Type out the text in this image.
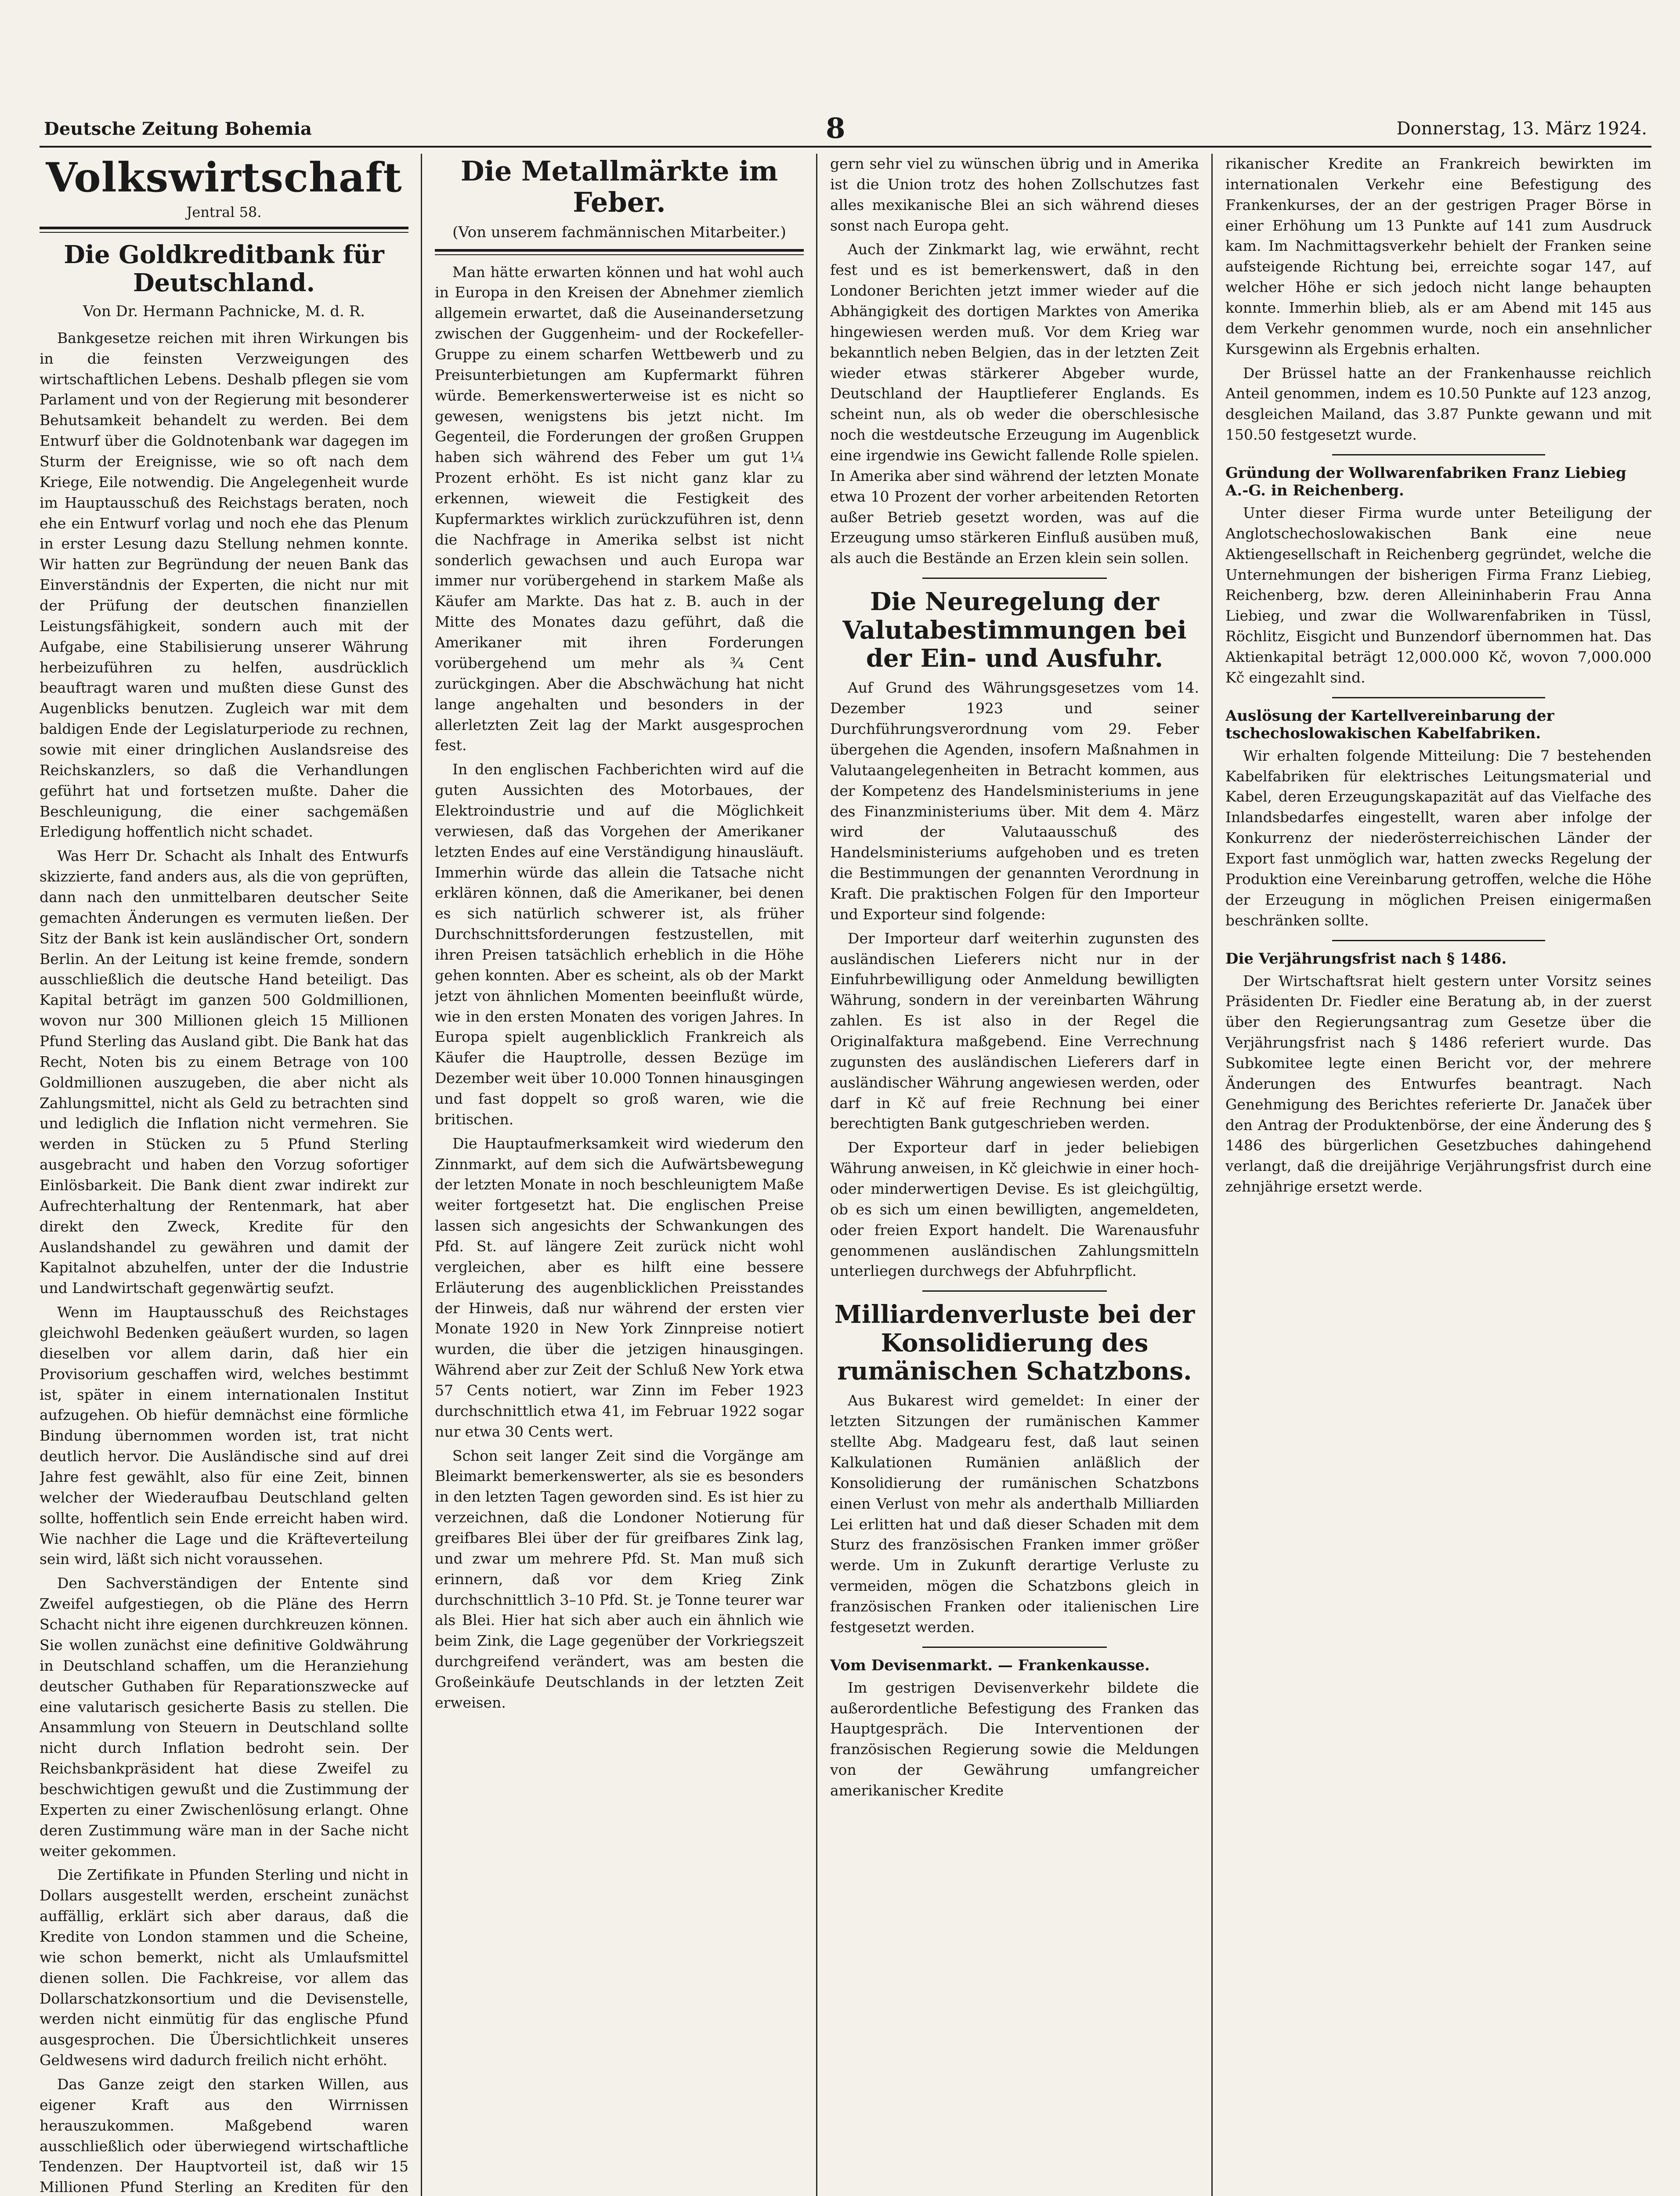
Deutsche Zeitung Bohemia	8	Donnerstag, 13. März 1924.
Volkswirtschaft
Jentral 58.
Die Goldkreditbank für Deutschland.
Von Dr. Hermann Pachnicke, M. d. R.

Bankgesetze reichen mit ihren Wirkungen bis in die feinsten Verzweigungen des wirtschaftlichen Lebens. Deshalb pflegen sie vom Parlament und von der Regierung mit besonderer Behutsamkeit behandelt zu werden. Bei dem Entwurf über die Goldnotenbank war dagegen im Sturm der Ereignisse, wie so oft nach dem Kriege, Eile notwendig. Die Angelegenheit wurde im Hauptausschuß des Reichstags beraten, noch ehe ein Entwurf vorlag und noch ehe das Plenum in erster Lesung dazu Stellung nehmen konnte. Wir hatten zur Begründung der neuen Bank das Einverständnis der Experten, die nicht nur mit der Prüfung der deutschen finanziellen Leistungsfähigkeit, sondern auch mit der Aufgabe, eine Stabilisierung unserer Währung herbeizuführen zu helfen, ausdrücklich beauftragt waren und mußten diese Gunst des Augenblicks benutzen. Zugleich war mit dem baldigen Ende der Legislaturperiode zu rechnen, sowie mit einer dringlichen Auslandsreise des Reichskanzlers, so daß die Verhandlungen geführt hat und fortsetzen mußte. Daher die Beschleunigung, die einer sachgemäßen Erledigung hoffentlich nicht schadet.

Was Herr Dr. Schacht als Inhalt des Entwurfs skizzierte, fand anders aus, als die von geprüften, dann nach den unmittelbaren deutscher Seite gemachten Änderungen es vermuten ließen. Der Sitz der Bank ist kein ausländischer Ort, sondern Berlin. An der Leitung ist keine fremde, sondern ausschließlich die deutsche Hand beteiligt. Das Kapital beträgt im ganzen 500 Goldmillionen, wovon nur 300 Millionen gleich 15 Millionen Pfund Sterling das Ausland gibt. Die Bank hat das Recht, Noten bis zu einem Betrage von 100 Goldmillionen auszugeben, die aber nicht als Zahlungsmittel, nicht als Geld zu betrachten sind und lediglich die Inflation nicht vermehren. Sie werden in Stücken zu 5 Pfund Sterling ausgebracht und haben den Vorzug sofortiger Einlösbarkeit. Die Bank dient zwar indirekt zur Aufrechterhaltung der Rentenmark, hat aber direkt den Zweck, Kredite für den Auslandshandel zu gewähren und damit der Kapitalnot abzuhelfen, unter der die Industrie und Landwirtschaft gegenwärtig seufzt.

Wenn im Hauptausschuß des Reichstages gleichwohl Bedenken geäußert wurden, so lagen dieselben vor allem darin, daß hier ein Provisorium geschaffen wird, welches bestimmt ist, später in einem internationalen Institut aufzugehen. Ob hiefür demnächst eine förmliche Bindung übernommen worden ist, trat nicht deutlich hervor. Die Ausländische sind auf drei Jahre fest gewählt, also für eine Zeit, binnen welcher der Wiederaufbau Deutschland gelten sollte, hoffentlich sein Ende erreicht haben wird. Wie nachher die Lage und die Kräfteverteilung sein wird, läßt sich nicht voraussehen.

Den Sachverständigen der Entente sind Zweifel aufgestiegen, ob die Pläne des Herrn Schacht nicht ihre eigenen durchkreuzen können. Sie wollen zunächst eine definitive Goldwährung in Deutschland schaffen, um die Heranziehung deutscher Guthaben für Reparationszwecke auf eine valutarisch gesicherte Basis zu stellen. Die Ansammlung von Steuern in Deutschland sollte nicht durch Inflation bedroht sein. Der Reichsbankpräsident hat diese Zweifel zu beschwichtigen gewußt und die Zustimmung der Experten zu einer Zwischenlösung erlangt. Ohne deren Zustimmung wäre man in der Sache nicht weiter gekommen.

Die Zertifikate in Pfunden Sterling und nicht in Dollars ausgestellt werden, erscheint zunächst auffällig, erklärt sich aber daraus, daß die Kredite von London stammen und die Scheine, wie schon bemerkt, nicht als Umlaufsmittel dienen sollen. Die Fachkreise, vor allem das Dollarschatzkonsortium und die Devisenstelle, werden nicht einmütig für das englische Pfund ausgesprochen. Die Übersichtlichkeit unseres Geldwesens wird dadurch freilich nicht erhöht.

Das Ganze zeigt den starken Willen, aus eigener Kraft aus den Wirrnissen herauszukommen. Maßgebend waren ausschließlich oder überwiegend wirtschaftliche Tendenzen. Der Hauptvorteil ist, daß wir 15 Millionen Pfund Sterling an Krediten für den

Die Metallmärkte im Feber.
(Von unserem fachmännischen Mitarbeiter.)

Man hätte erwarten können und hat wohl auch in Europa in den Kreisen der Abnehmer ziemlich allgemein erwartet, daß die Auseinandersetzung zwischen der Guggenheim- und der Rockefeller-Gruppe zu einem scharfen Wettbewerb und zu Preisunterbietungen am Kupfermarkt führen würde. Bemerkenswerterweise ist es nicht so gewesen, wenigstens bis jetzt nicht. Im Gegenteil, die Forderungen der großen Gruppen haben sich während des Feber um gut 1¼ Prozent erhöht. Es ist nicht ganz klar zu erkennen, wieweit die Festigkeit des Kupfermarktes wirklich zurückzuführen ist, denn die Nachfrage in Amerika selbst ist nicht sonderlich gewachsen und auch Europa war immer nur vorübergehend in starkem Maße als Käufer am Markte. Das hat z. B. auch in der Mitte des Monates dazu geführt, daß die Amerikaner mit ihren Forderungen vorübergehend um mehr als ¾ Cent zurückgingen. Aber die Abschwächung hat nicht lange angehalten und besonders in der allerletzten Zeit lag der Markt ausgesprochen fest.

In den englischen Fachberichten wird auf die guten Aussichten des Motorbaues, der Elektroindustrie und auf die Möglichkeit verwiesen, daß das Vorgehen der Amerikaner letzten Endes auf eine Verständigung hinausläuft. Immerhin würde das allein die Tatsache nicht erklären können, daß die Amerikaner, bei denen es sich natürlich schwerer ist, als früher Durchschnittsforderungen festzustellen, mit ihren Preisen tatsächlich erheblich in die Höhe gehen konnten. Aber es scheint, als ob der Markt jetzt von ähnlichen Momenten beeinflußt würde, wie in den ersten Monaten des vorigen Jahres. In Europa spielt augenblicklich Frankreich als Käufer die Hauptrolle, dessen Bezüge im Dezember weit über 10.000 Tonnen hinausgingen und fast doppelt so groß waren, wie die britischen.

Die Hauptaufmerksamkeit wird wiederum den Zinnmarkt, auf dem sich die Aufwärtsbewegung der letzten Monate in noch beschleunigtem Maße weiter fortgesetzt hat. Die englischen Preise lassen sich angesichts der Schwankungen des Pfd. St. auf längere Zeit zurück nicht wohl vergleichen, aber es hilft eine bessere Erläuterung des augenblicklichen Preisstandes der Hinweis, daß nur während der ersten vier Monate 1920 in New York Zinnpreise notiert wurden, die über die jetzigen hinausgingen. Während aber zur Zeit der Schluß New York etwa 57 Cents notiert, war Zinn im Feber 1923 durchschnittlich etwa 41, im Februar 1922 sogar nur etwa 30 Cents wert.

Schon seit langer Zeit sind die Vorgänge am Bleimarkt bemerkenswerter, als sie es besonders in den letzten Tagen geworden sind. Es ist hier zu verzeichnen, daß die Londoner Notierung für greifbares Blei über der für greifbares Zink lag, und zwar um mehrere Pfd. St. Man muß sich erinnern, daß vor dem Krieg Zink durchschnittlich 3–10 Pfd. St. je Tonne teurer war als Blei. Hier hat sich aber auch ein ähnlich wie beim Zink, die Lage gegenüber der Vorkriegszeit durchgreifend verändert, was am besten die Großeinkäufe Deutschlands in der letzten Zeit erweisen.

gern sehr viel zu wünschen übrig und in Amerika ist die Union trotz des hohen Zollschutzes fast alles mexikanische Blei an sich während dieses sonst nach Europa geht.

Auch der Zinkmarkt lag, wie erwähnt, recht fest und es ist bemerkenswert, daß in den Londoner Berichten jetzt immer wieder auf die Abhängigkeit des dortigen Marktes von Amerika hingewiesen werden muß. Vor dem Krieg war bekanntlich neben Belgien, das in der letzten Zeit wieder etwas stärkerer Abgeber wurde, Deutschland der Hauptlieferer Englands. Es scheint nun, als ob weder die oberschlesische noch die westdeutsche Erzeugung im Augenblick eine irgendwie ins Gewicht fallende Rolle spielen. In Amerika aber sind während der letzten Monate etwa 10 Prozent der vorher arbeitenden Retorten außer Betrieb gesetzt worden, was auf die Erzeugung umso stärkeren Einfluß ausüben muß, als auch die Bestände an Erzen klein sein sollen.

Die Neuregelung der Valutabestimmungen bei der Ein- und Ausfuhr.

Auf Grund des Währungsgesetzes vom 14. Dezember 1923 und seiner Durchführungsverordnung vom 29. Feber übergehen die Agenden, insofern Maßnahmen in Valutaangelegenheiten in Betracht kommen, aus der Kompetenz des Handelsministeriums in jene des Finanzministeriums über. Mit dem 4. März wird der Valutaausschuß des Handelsministeriums aufgehoben und es treten die Bestimmungen der genannten Verordnung in Kraft. Die praktischen Folgen für den Importeur und Exporteur sind folgende:

Der Importeur darf weiterhin zugunsten des ausländischen Lieferers nicht nur in der Einfuhrbewilligung oder Anmeldung bewilligten Währung, sondern in der vereinbarten Währung zahlen. Es ist also in der Regel die Originalfaktura maßgebend. Eine Verrechnung zugunsten des ausländischen Lieferers darf in ausländischer Währung angewiesen werden, oder darf in Kč auf freie Rechnung bei einer berechtigten Bank gutgeschrieben werden.

Der Exporteur darf in jeder beliebigen Währung anweisen, in Kč gleichwie in einer hoch- oder minderwertigen Devise. Es ist gleichgültig, ob es sich um einen bewilligten, angemeldeten, oder freien Export handelt. Die Warenausfuhr genommenen ausländischen Zahlungsmitteln unterliegen durchwegs der Abfuhrpflicht.

Milliardenverluste bei der Konsolidierung des rumänischen Schatzbons.

Aus Bukarest wird gemeldet: In einer der letzten Sitzungen der rumänischen Kammer stellte Abg. Madgearu fest, daß laut seinen Kalkulationen Rumänien anläßlich der Konsolidierung der rumänischen Schatzbons einen Verlust von mehr als anderthalb Milliarden Lei erlitten hat und daß dieser Schaden mit dem Sturz des französischen Franken immer größer werde. Um in Zukunft derartige Verluste zu vermeiden, mögen die Schatzbons gleich in französischen Franken oder italienischen Lire festgesetzt werden.

Vom Devisenmarkt. — Frankenkausse.

Im gestrigen Devisenverkehr bildete die außerordentliche Befestigung des Franken das Hauptgespräch. Die Interventionen der französischen Regierung sowie die Meldungen von der Gewährung umfangreicher amerikanischer Kredite

rikanischer Kredite an Frankreich bewirkten im internationalen Verkehr eine Befestigung des Frankenkurses, der an der gestrigen Prager Börse in einer Erhöhung um 13 Punkte auf 141 zum Ausdruck kam. Im Nachmittagsverkehr behielt der Franken seine aufsteigende Richtung bei, erreichte sogar 147, auf welcher Höhe er sich jedoch nicht lange behaupten konnte. Immerhin blieb, als er am Abend mit 145 aus dem Verkehr genommen wurde, noch ein ansehnlicher Kursgewinn als Ergebnis erhalten.

Der Brüssel hatte an der Frankenhausse reichlich Anteil genommen, indem es 10.50 Punkte auf 123 anzog, desgleichen Mailand, das 3.87 Punkte gewann und mit 150.50 festgesetzt wurde.

Gründung der Wollwarenfabriken Franz Liebieg A.-G. in Reichenberg.

Unter dieser Firma wurde unter Beteiligung der Anglotschechoslowakischen Bank eine neue Aktiengesellschaft in Reichenberg gegründet, welche die Unternehmungen der bisherigen Firma Franz Liebieg, Reichenberg, bzw. deren Alleininhaberin Frau Anna Liebieg, und zwar die Wollwarenfabriken in Tüssl, Röchlitz, Eisgicht und Bunzendorf übernommen hat. Das Aktienkapital beträgt 12,000.000 Kč, wovon 7,000.000 Kč eingezahlt sind.

Auslösung der Kartellvereinbarung der tschechoslowakischen Kabelfabriken.

Wir erhalten folgende Mitteilung: Die 7 bestehenden Kabelfabriken für elektrisches Leitungsmaterial und Kabel, deren Erzeugungskapazität auf das Vielfache des Inlandsbedarfes eingestellt, waren aber infolge der Konkurrenz der niederösterreichischen Länder der Export fast unmöglich war, hatten zwecks Regelung der Produktion eine Vereinbarung getroffen, welche die Höhe der Erzeugung in möglichen Preisen einigermaßen beschränken sollte.

Die Verjährungsfrist nach § 1486.

Der Wirtschaftsrat hielt gestern unter Vorsitz seines Präsidenten Dr. Fiedler eine Beratung ab, in der zuerst über den Regierungsantrag zum Gesetze über die Verjährungsfrist nach § 1486 referiert wurde. Das Subkomitee legte einen Bericht vor, der mehrere Änderungen des Entwurfes beantragt. Nach Genehmigung des Berichtes referierte Dr. Janaček über den Antrag der Produktenbörse, der eine Änderung des § 1486 des bürgerlichen Gesetzbuches dahingehend verlangt, daß die dreijährige Verjährungsfrist durch eine zehnjährige ersetzt werde.
